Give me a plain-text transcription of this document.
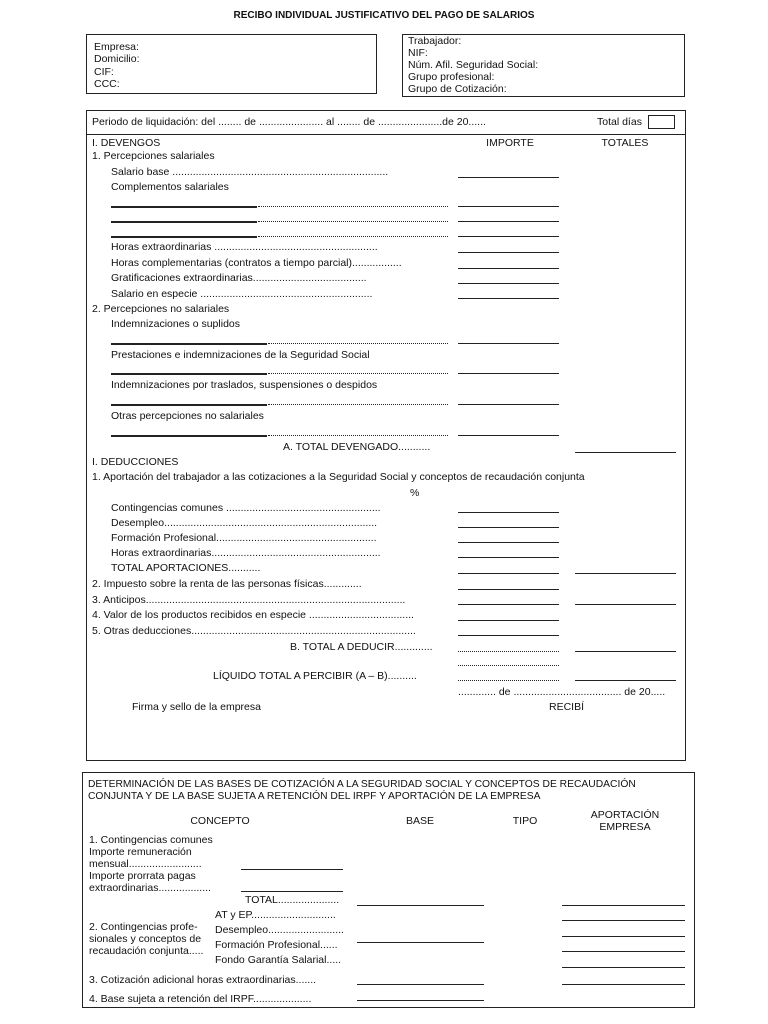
RECIBO INDIVIDUAL JUSTIFICATIVO DEL PAGO DE SALARIOS
Empresa:
Domicilio:
CIF:
CCC:
Trabajador:
NIF:
Núm. Afil. Seguridad Social:
Grupo profesional:
Grupo de Cotización:
Periodo de liquidación: del ........ de ...................... al ........ de ......................de 20......	Total días
I. DEVENGOS	IMPORTE	TOTALES
1. Percepciones salariales
Salario base ..........................................................................
Complementos salariales
Horas extraordinarias ........................................................
Horas complementarias (contratos a tiempo parcial).................
Gratificaciones extraordinarias.......................................
Salario en especie ...........................................................
2. Percepciones no salariales
Indemnizaciones o suplidos
Prestaciones e indemnizaciones de la Seguridad Social
Indemnizaciones por traslados, suspensiones o despidos
Otras percepciones no salariales
A. TOTAL DEVENGADO...........
I. DEDUCCIONES
1. Aportación del trabajador a las cotizaciones a la Seguridad Social y conceptos de recaudación conjunta
%
Contingencias comunes .....................................................
Desempleo.........................................................................
Formación Profesional.......................................................
Horas extraordinarias..........................................................
TOTAL APORTACIONES...........
2. Impuesto sobre la renta de las personas físicas.............
3. Anticipos.........................................................................................
4. Valor de los productos recibidos en especie ....................................
5. Otras deducciones.............................................................................
B. TOTAL A DEDUCIR.............
LÍQUIDO TOTAL A PERCIBIR (A – B)..........
............. de ..................................... de 20.....
Firma y sello de la empresa	RECIBÍ
DETERMINACIÓN DE LAS BASES DE COTIZACIÓN A LA SEGURIDAD SOCIAL Y CONCEPTOS DE RECAUDACIÓN
CONJUNTA Y DE LA BASE SUJETA A RETENCIÓN DEL IRPF Y APORTACIÓN DE LA EMPRESA
CONCEPTO	BASE	TIPO	APORTACIÓN
EMPRESA
1. Contingencias comunes
Importe remuneración
mensual.........................
Importe prorrata pagas
extraordinarias..................
TOTAL.....................
2. Contingencias profe-
sionales y conceptos de
recaudación conjunta.....
AT y EP.............................
Desempleo..........................
Formación Profesional......
Fondo Garantía Salarial.....
3. Cotización adicional horas extraordinarias.......
4. Base sujeta a retención del IRPF....................
